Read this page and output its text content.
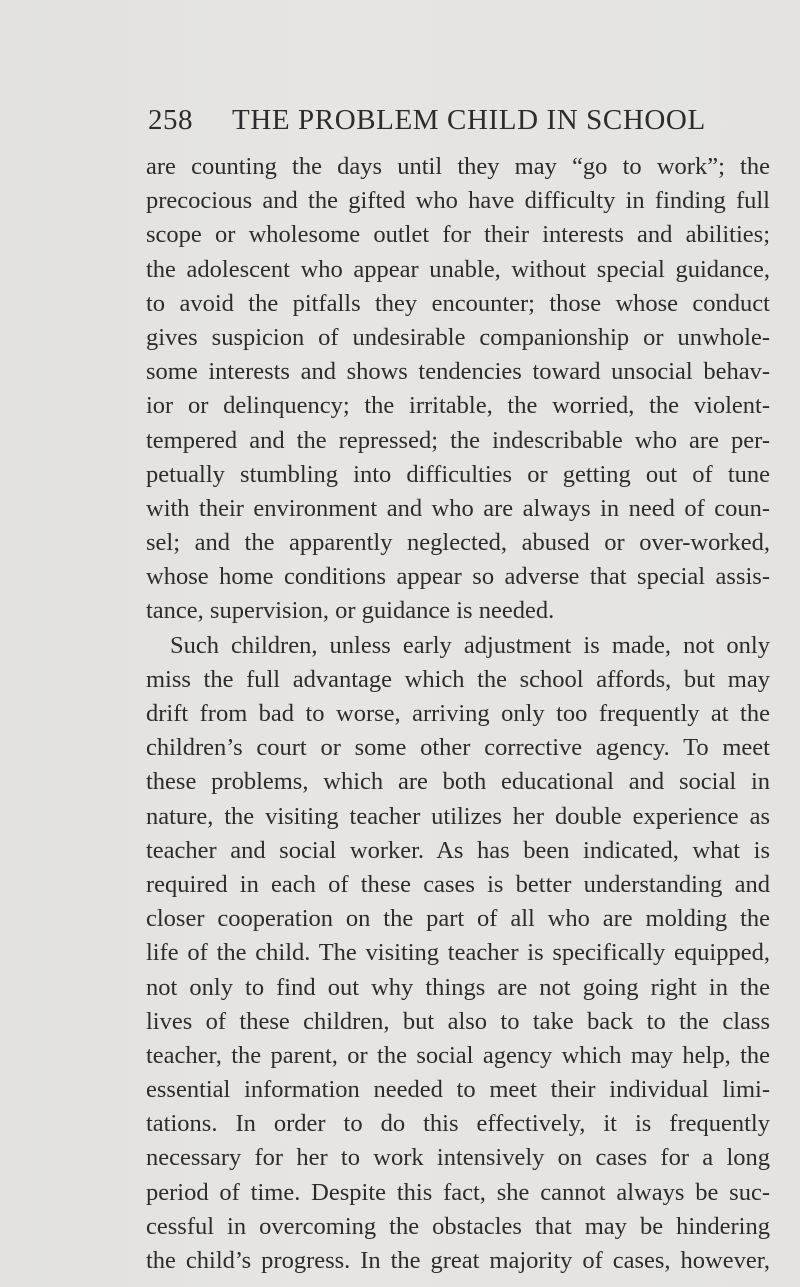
258 THE PROBLEM CHILD IN SCHOOL
are counting the days until they may “go to work”; the
precocious and the gifted who have difficulty in finding full
scope or wholesome outlet for their interests and abilities;
the adolescent who appear unable, without special guidance,
to avoid the pitfalls they encounter; those whose conduct
gives suspicion of undesirable companionship or unwhole-
some interests and shows tendencies toward unsocial behav-
ior or delinquency; the irritable, the worried, the violent-
tempered and the repressed; the indescribable who are per-
petually stumbling into difficulties or getting out of tune
with their environment and who are always in need of coun-
sel; and the apparently neglected, abused or over-worked,
whose home conditions appear so adverse that special assis-
tance, supervision, or guidance is needed.
Such children, unless early adjustment is made, not only
miss the full advantage which the school affords, but may
drift from bad to worse, arriving only too frequently at the
children’s court or some other corrective agency. To meet
these problems, which are both educational and social in
nature, the visiting teacher utilizes her double experience as
teacher and social worker. As has been indicated, what is
required in each of these cases is better understanding and
closer cooperation on the part of all who are molding the
life of the child. The visiting teacher is specifically equipped,
not only to find out why things are not going right in the
lives of these children, but also to take back to the class
teacher, the parent, or the social agency which may help, the
essential information needed to meet their individual limi-
tations. In order to do this effectively, it is frequently
necessary for her to work intensively on cases for a long
period of time. Despite this fact, she cannot always be suc-
cessful in overcoming the obstacles that may be hindering
the child’s progress. In the great majority of cases, however,
